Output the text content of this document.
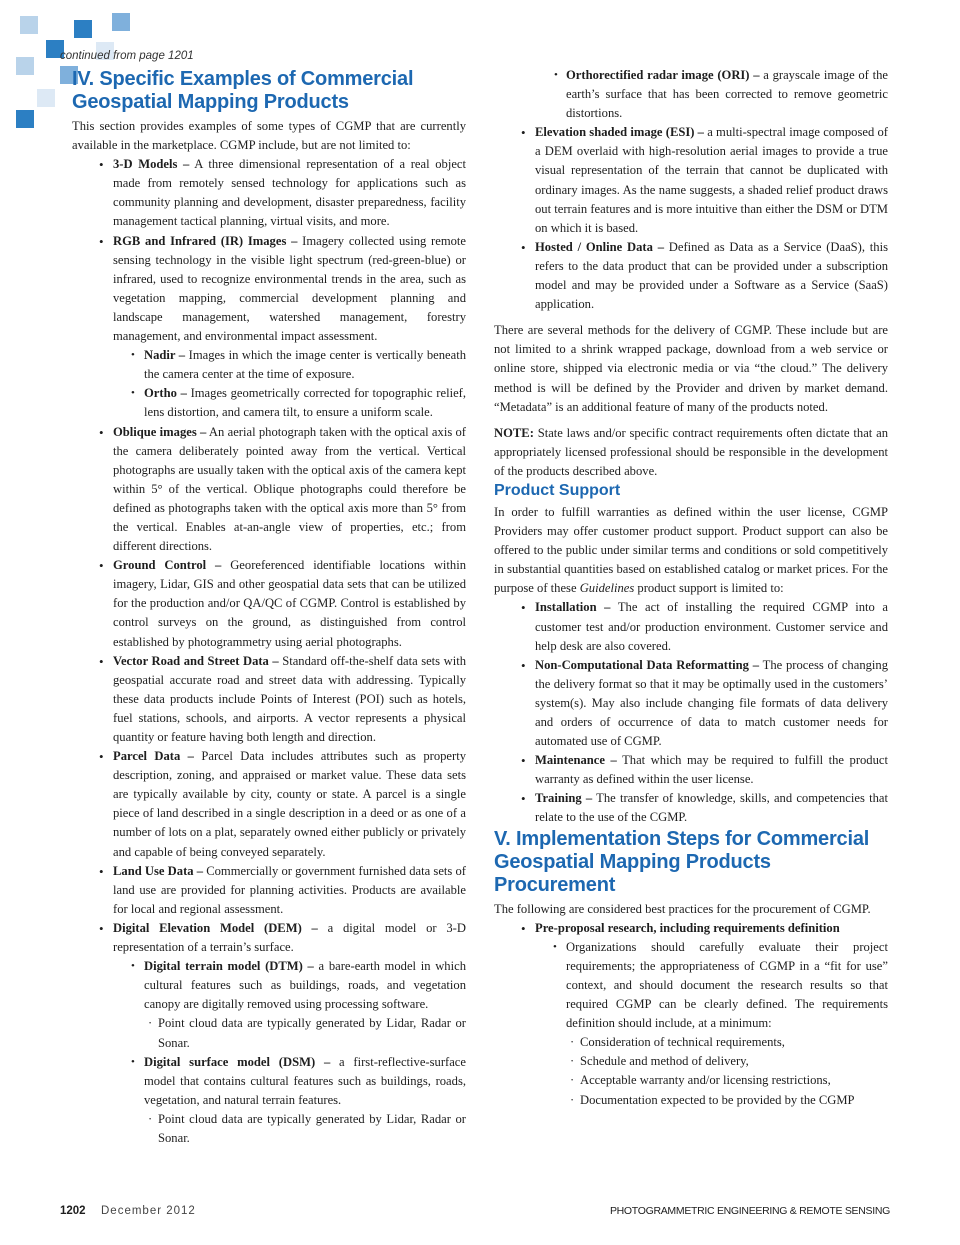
continued from page 1201
IV. Specific Examples of Commercial Geospatial Mapping Products

This section provides examples of some types of CGMP that are currently available in the marketplace. CGMP include, but are not limited to:

• 3-D Models – A three dimensional representation of a real object made from remotely sensed technology for applications such as community planning and development, disaster preparedness, facility management tactical planning, virtual visits, and more.
• RGB and Infrared (IR) Images – Imagery collected using remote sensing technology in the visible light spectrum (red-green-blue) or infrared, used to recognize environmental trends in the area, such as vegetation mapping, commercial development planning and landscape management, watershed management, forestry management, and environmental impact assessment.
• Nadir – Images in which the image center is vertically beneath the camera center at the time of exposure.
• Ortho – Images geometrically corrected for topographic relief, lens distortion, and camera tilt, to ensure a uniform scale.
• Oblique images – An aerial photograph taken with the optical axis of the camera deliberately pointed away from the vertical. Vertical photographs are usually taken with the optical axis of the camera kept within 5° of the vertical. Oblique photographs could therefore be defined as photographs taken with the optical axis more than 5° from the vertical. Enables at-an-angle view of properties, etc.; from different directions.
• Ground Control – Georeferenced identifiable locations within imagery, Lidar, GIS and other geospatial data sets that can be utilized for the production and/or QA/QC of CGMP. Control is established by control surveys on the ground, as distinguished from control established by photogrammetry using aerial photographs.
• Vector Road and Street Data – Standard off-the-shelf data sets with geospatial accurate road and street data with addressing. Typically these data products include Points of Interest (POI) such as hotels, fuel stations, schools, and airports. A vector represents a physical quantity or feature having both length and direction.
• Parcel Data – Parcel Data includes attributes such as property description, zoning, and appraised or market value. These data sets are typically available by city, county or state. A parcel is a single piece of land described in a single description in a deed or as one of a number of lots on a plat, separately owned either publicly or privately and capable of being conveyed separately.
• Land Use Data – Commercially or government furnished data sets of land use are provided for planning activities. Products are available for local and regional assessment.
• Digital Elevation Model (DEM) – a digital model or 3-D representation of a terrain’s surface.
• Digital terrain model (DTM) – a bare-earth model in which cultural features such as buildings, roads, and vegetation canopy are digitally removed using processing software.
· Point cloud data are typically generated by Lidar, Radar or Sonar.
• Digital surface model (DSM) – a first-reflective-surface model that contains cultural features such as buildings, roads, vegetation, and natural terrain features.
· Point cloud data are typically generated by Lidar, Radar or Sonar.
• Orthorectified radar image (ORI) – a grayscale image of the earth’s surface that has been corrected to remove geometric distortions.
• Elevation shaded image (ESI) – a multi-spectral image composed of a DEM overlaid with high-resolution aerial images to provide a true visual representation of the terrain that cannot be duplicated with ordinary images. As the name suggests, a shaded relief product draws out terrain features and is more intuitive than either the DSM or DTM on which it is based.
• Hosted / Online Data – Defined as Data as a Service (DaaS), this refers to the data product that can be provided under a subscription model and may be provided under a Software as a Service (SaaS) application.

There are several methods for the delivery of CGMP. These include but are not limited to a shrink wrapped package, download from a web service or online store, shipped via electronic media or via “the cloud.” The delivery method is will be defined by the Provider and driven by market demand. “Metadata” is an additional feature of many of the products noted.

NOTE: State laws and/or specific contract requirements often dictate that an appropriately licensed professional should be responsible in the development of the products described above.

Product Support

In order to fulfill warranties as defined within the user license, CGMP Providers may offer customer product support. Product support can also be offered to the public under similar terms and conditions or sold competitively in substantial quantities based on established catalog or market prices. For the purpose of these Guidelines product support is limited to:

• Installation – The act of installing the required CGMP into a customer test and/or production environment. Customer service and help desk are also covered.
• Non-Computational Data Reformatting – The process of changing the delivery format so that it may be optimally used in the customers’ system(s). May also include changing file formats of data delivery and orders of occurrence of data to match customer needs for automated use of CGMP.
• Maintenance – That which may be required to fulfill the product warranty as defined within the user license.
• Training – The transfer of knowledge, skills, and competencies that relate to the use of the CGMP.
V. Implementation Steps for Commercial Geospatial Mapping Products Procurement

The following are considered best practices for the procurement of CGMP.

• Pre-proposal research, including requirements definition
• Organizations should carefully evaluate their project requirements; the appropriateness of CGMP in a “fit for use” context, and should document the research results so that required CGMP can be clearly defined. The requirements definition should include, at a minimum:
· Consideration of technical requirements,
· Schedule and method of delivery,
· Acceptable warranty and/or licensing restrictions,
· Documentation expected to be provided by the CGMP
1202 December 2012	PHOTOGRAMMETRIC ENGINEERING & REMOTE SENSING
